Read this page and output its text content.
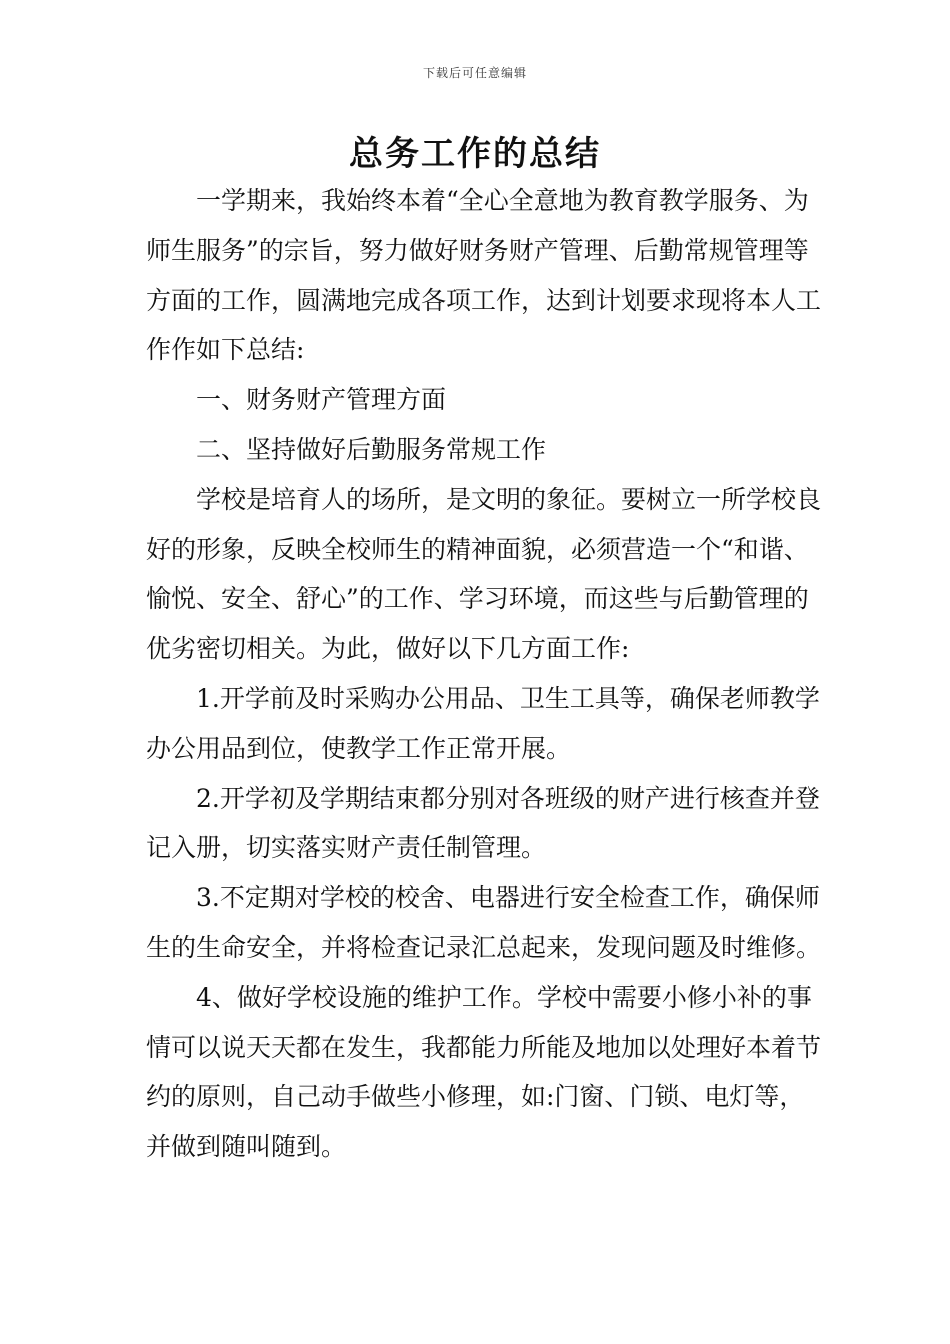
下载后可任意编辑
总务工作的总结

一学期来，我始终本着“全心全意地为教育教学服务、为师生服务”的宗旨，努力做好财务财产管理、后勤常规管理等方面的工作，圆满地完成各项工作，达到计划要求现将本人工作作如下总结:

一、财务财产管理方面

二、坚持做好后勤服务常规工作

学校是培育人的场所，是文明的象征。要树立一所学校良好的形象，反映全校师生的精神面貌，必须营造一个“和谐、愉悦、安全、舒心”的工作、学习环境，而这些与后勤管理的优劣密切相关。为此，做好以下几方面工作:

1.开学前及时采购办公用品、卫生工具等，确保老师教学办公用品到位，使教学工作正常开展。

2.开学初及学期结束都分别对各班级的财产进行核查并登记入册，切实落实财产责任制管理。

3.不定期对学校的校舍、电器进行安全检查工作，确保师生的生命安全，并将检查记录汇总起来，发现问题及时维修。

4、做好学校设施的维护工作。学校中需要小修小补的事情可以说天天都在发生，我都能力所能及地加以处理好本着节约的原则，自己动手做些小修理，如:门窗、门锁、电灯等，并做到随叫随到。
